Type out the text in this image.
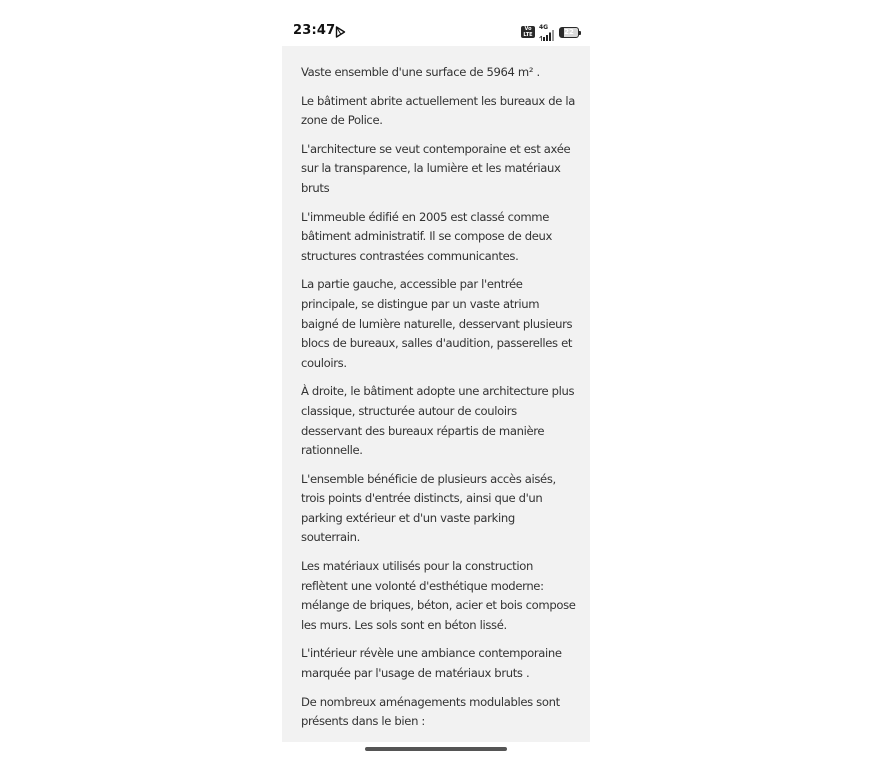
23:47	Vo
LTE
4G	22

Vaste ensemble d'une surface de 5964 m² .

Le bâtiment abrite actuellement les bureaux de la zone de Police.

L'architecture se veut contemporaine et est axée sur la transparence, la lumière et les matériaux bruts

L'immeuble édifié en 2005 est classé comme bâtiment administratif. Il se compose de deux structures contrastées communicantes.

La partie gauche, accessible par l'entrée principale, se distingue par un vaste atrium baigné de lumière naturelle, desservant plusieurs blocs de bureaux, salles d'audition, passerelles et couloirs.

À droite, le bâtiment adopte une architecture plus classique, structurée autour de couloirs desservant des bureaux répartis de manière rationnelle.

L'ensemble bénéficie de plusieurs accès aisés, trois points d'entrée distincts, ainsi que d'un parking extérieur et d'un vaste parking souterrain.

Les matériaux utilisés pour la construction reflètent une volonté d'esthétique moderne: mélange de briques, béton, acier et bois compose les murs. Les sols sont en béton lissé.

L'intérieur révèle une ambiance contemporaine marquée par l'usage de matériaux bruts .

De nombreux aménagements modulables sont présents dans le bien :
